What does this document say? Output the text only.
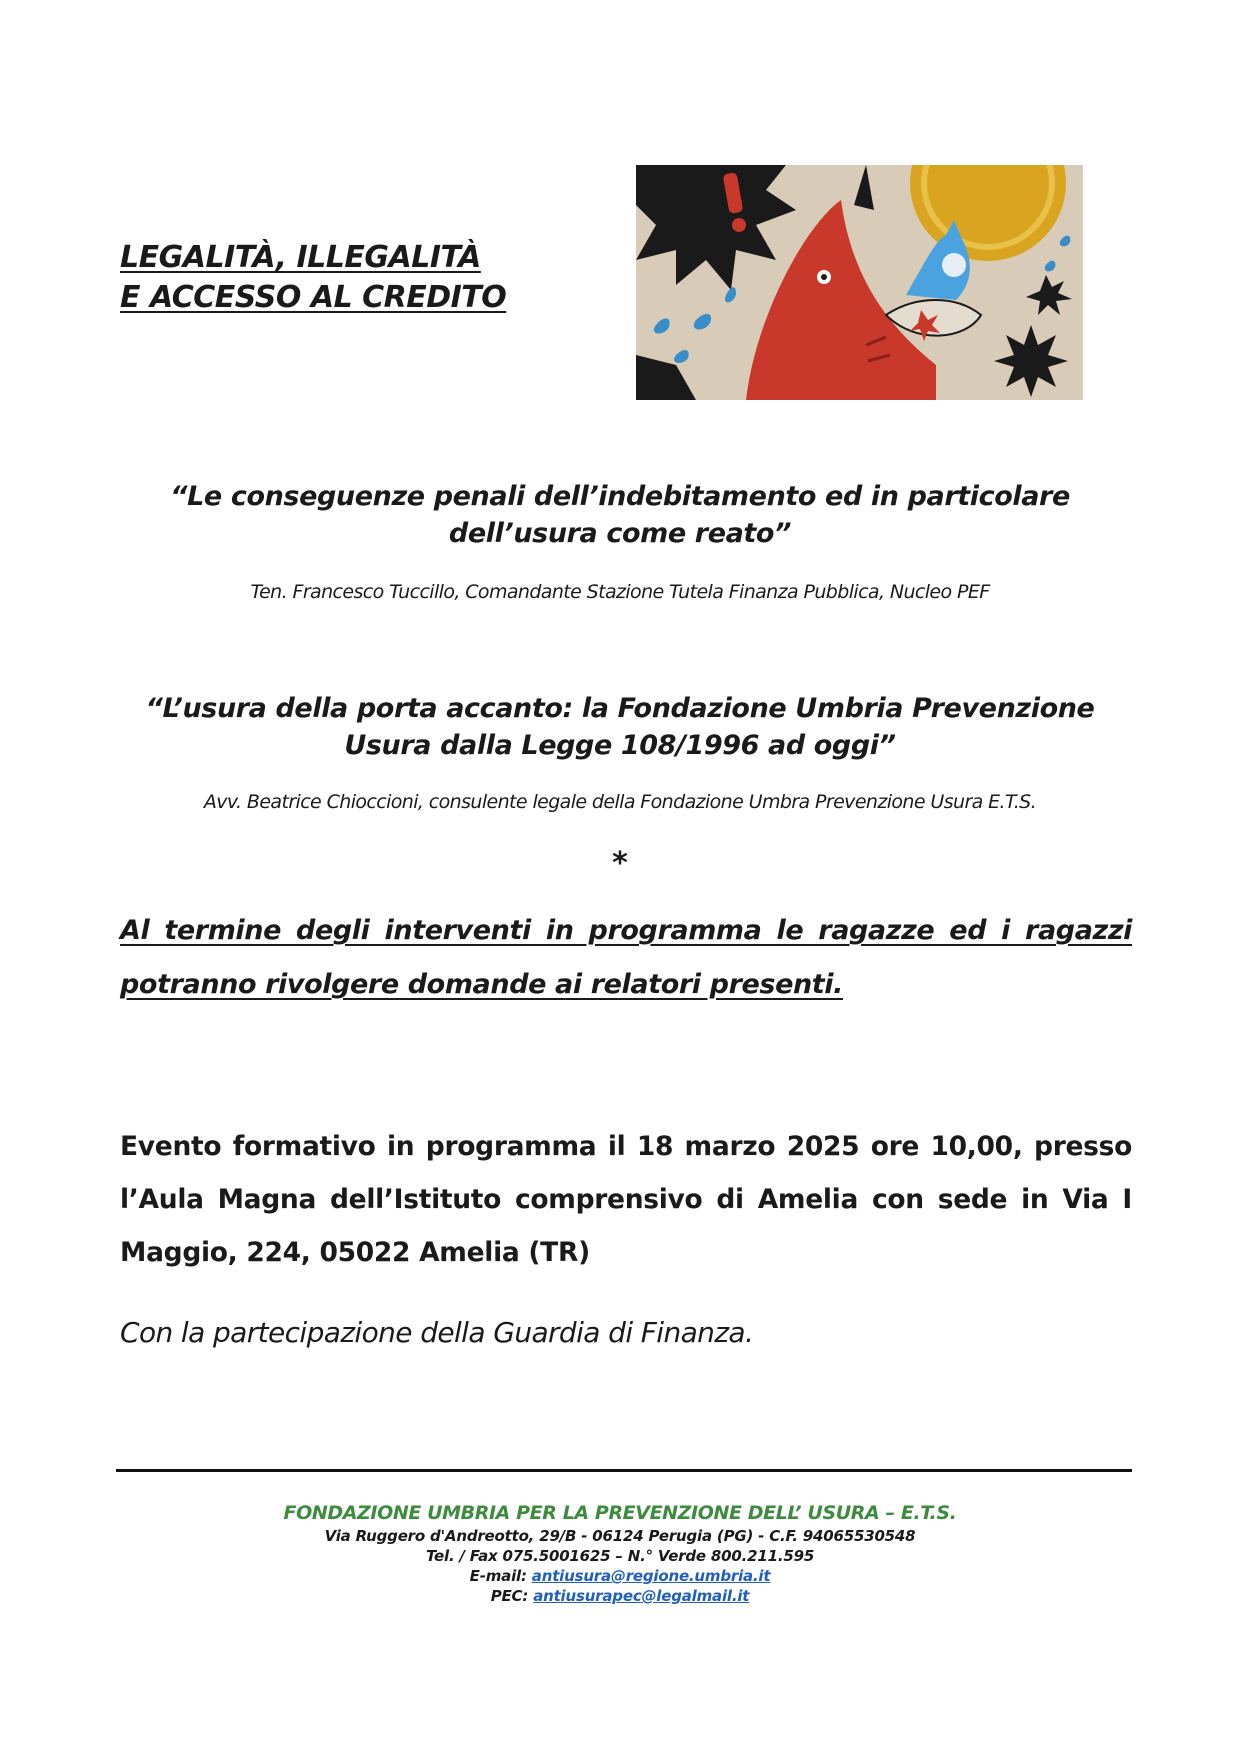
LEGALITÀ, ILLEGALITÀ
E ACCESSO AL CREDITO
“Le conseguenze penali dell’indebitamento ed in particolare
dell’usura come reato”
Ten. Francesco Tuccillo, Comandante Stazione Tutela Finanza Pubblica, Nucleo PEF
“L’usura della porta accanto: la Fondazione Umbria Prevenzione
Usura dalla Legge 108/1996 ad oggi”
Avv. Beatrice Chioccioni, consulente legale della Fondazione Umbra Prevenzione Usura E.T.S.
*
Al termine degli interventi in programma le ragazze ed i ragazzi
potranno rivolgere domande ai relatori presenti.
Evento formativo in programma il 18 marzo 2025 ore 10,00, presso
l’Aula Magna dell’Istituto comprensivo di Amelia con sede in Via I
Maggio, 224, 05022 Amelia (TR)
Con la partecipazione della Guardia di Finanza.
FONDAZIONE UMBRIA PER LA PREVENZIONE DELL’ USURA – E.T.S.
Via Ruggero d'Andreotto, 29/B - 06124 Perugia (PG) - C.F. 94065530548
Tel. / Fax 075.5001625 – N.° Verde 800.211.595
E-mail: antiusura@regione.umbria.it
PEC: antiusurapec@legalmail.it
